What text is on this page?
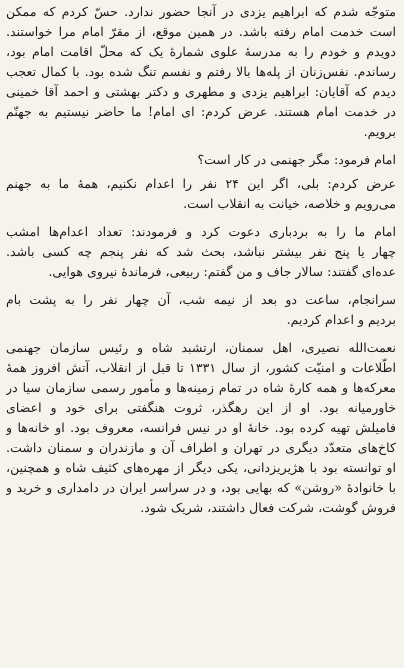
متوجّه شدم که ابراهیم یزدی در آنجا حضور ندارد. حسّ کردم که ممکن
است خدمت امام رفته باشد. در همین موقع، از مقرّ امام مرا خواستند.
دویدم و خودم را به مدرسهٔ علوی شمارهٔ یک که محلّ اقامت امام بود،
رساندم. نفس‌زنان از پله‌ها بالا رفتم و نفسم تنگ شده بود. با کمال تعجب
دیدم که آقایان: ابراهیم یزدی و مطهری و دکتر بهشتی و احمد آقا خمینی
در خدمت امام هستند. عرض کردم: ای امام! ما حاضر نیستیم به جهنّم
برویم.
امام فرمود: مگر جهنمی در کار است؟
عرض کردم: بلی، اگر این ۲۴ نفر را اعدام نکنیم، همهٔ ما به جهنم
می‌رویم و خلاصه، خیانت به انقلاب است.
امام ما را به بردباری دعوت کرد و فرمودند: تعداد اعدام‌ها امشب
چهار یا پنج نفر بیشتر نباشد، بحث شد که نفر پنجم چه کسی باشد.
عده‌ای گفتند: سالار جاف و من گفتم: ربیعی، فرماندهٔ نیروی هوایی.
سرانجام، ساعت دو بعد از نیمه شب، آن چهار نفر را به پشت بام
بردیم و اعدام کردیم.
نعمت‌الله نصیری، اهل سمنان، ارتشبد شاه و رئیس سازمان جهنمی
اطّلاعات و امنیّت کشور، از سال ۱۳۳۱ تا قبل از انقلاب، آتش افروز همهٔ
معرکه‌ها و همه کارهٔ شاه در تمام زمینه‌ها و مأمور رسمی سازمان سیا در
خاورمیانه بود. او از این رهگذر، ثروت هنگفتی برای خود و اعضای
فامیلش تهیه کرده بود. خانهٔ او در نیس فرانسه، معروف بود. او خانه‌ها و
کاخ‌های متعدّد دیگری در تهران و اطراف آن و مازندران و سمنان داشت.
او توانسته بود با هژیریزدانی، یکی دیگر از مهره‌های کثیف شاه و همچنین،
با خانوادهٔ «روشن» که بهایی بود، و در سراسر ایران در دامداری و خرید و
فروش گوشت، شرکت فعال داشتند، شریک شود.
